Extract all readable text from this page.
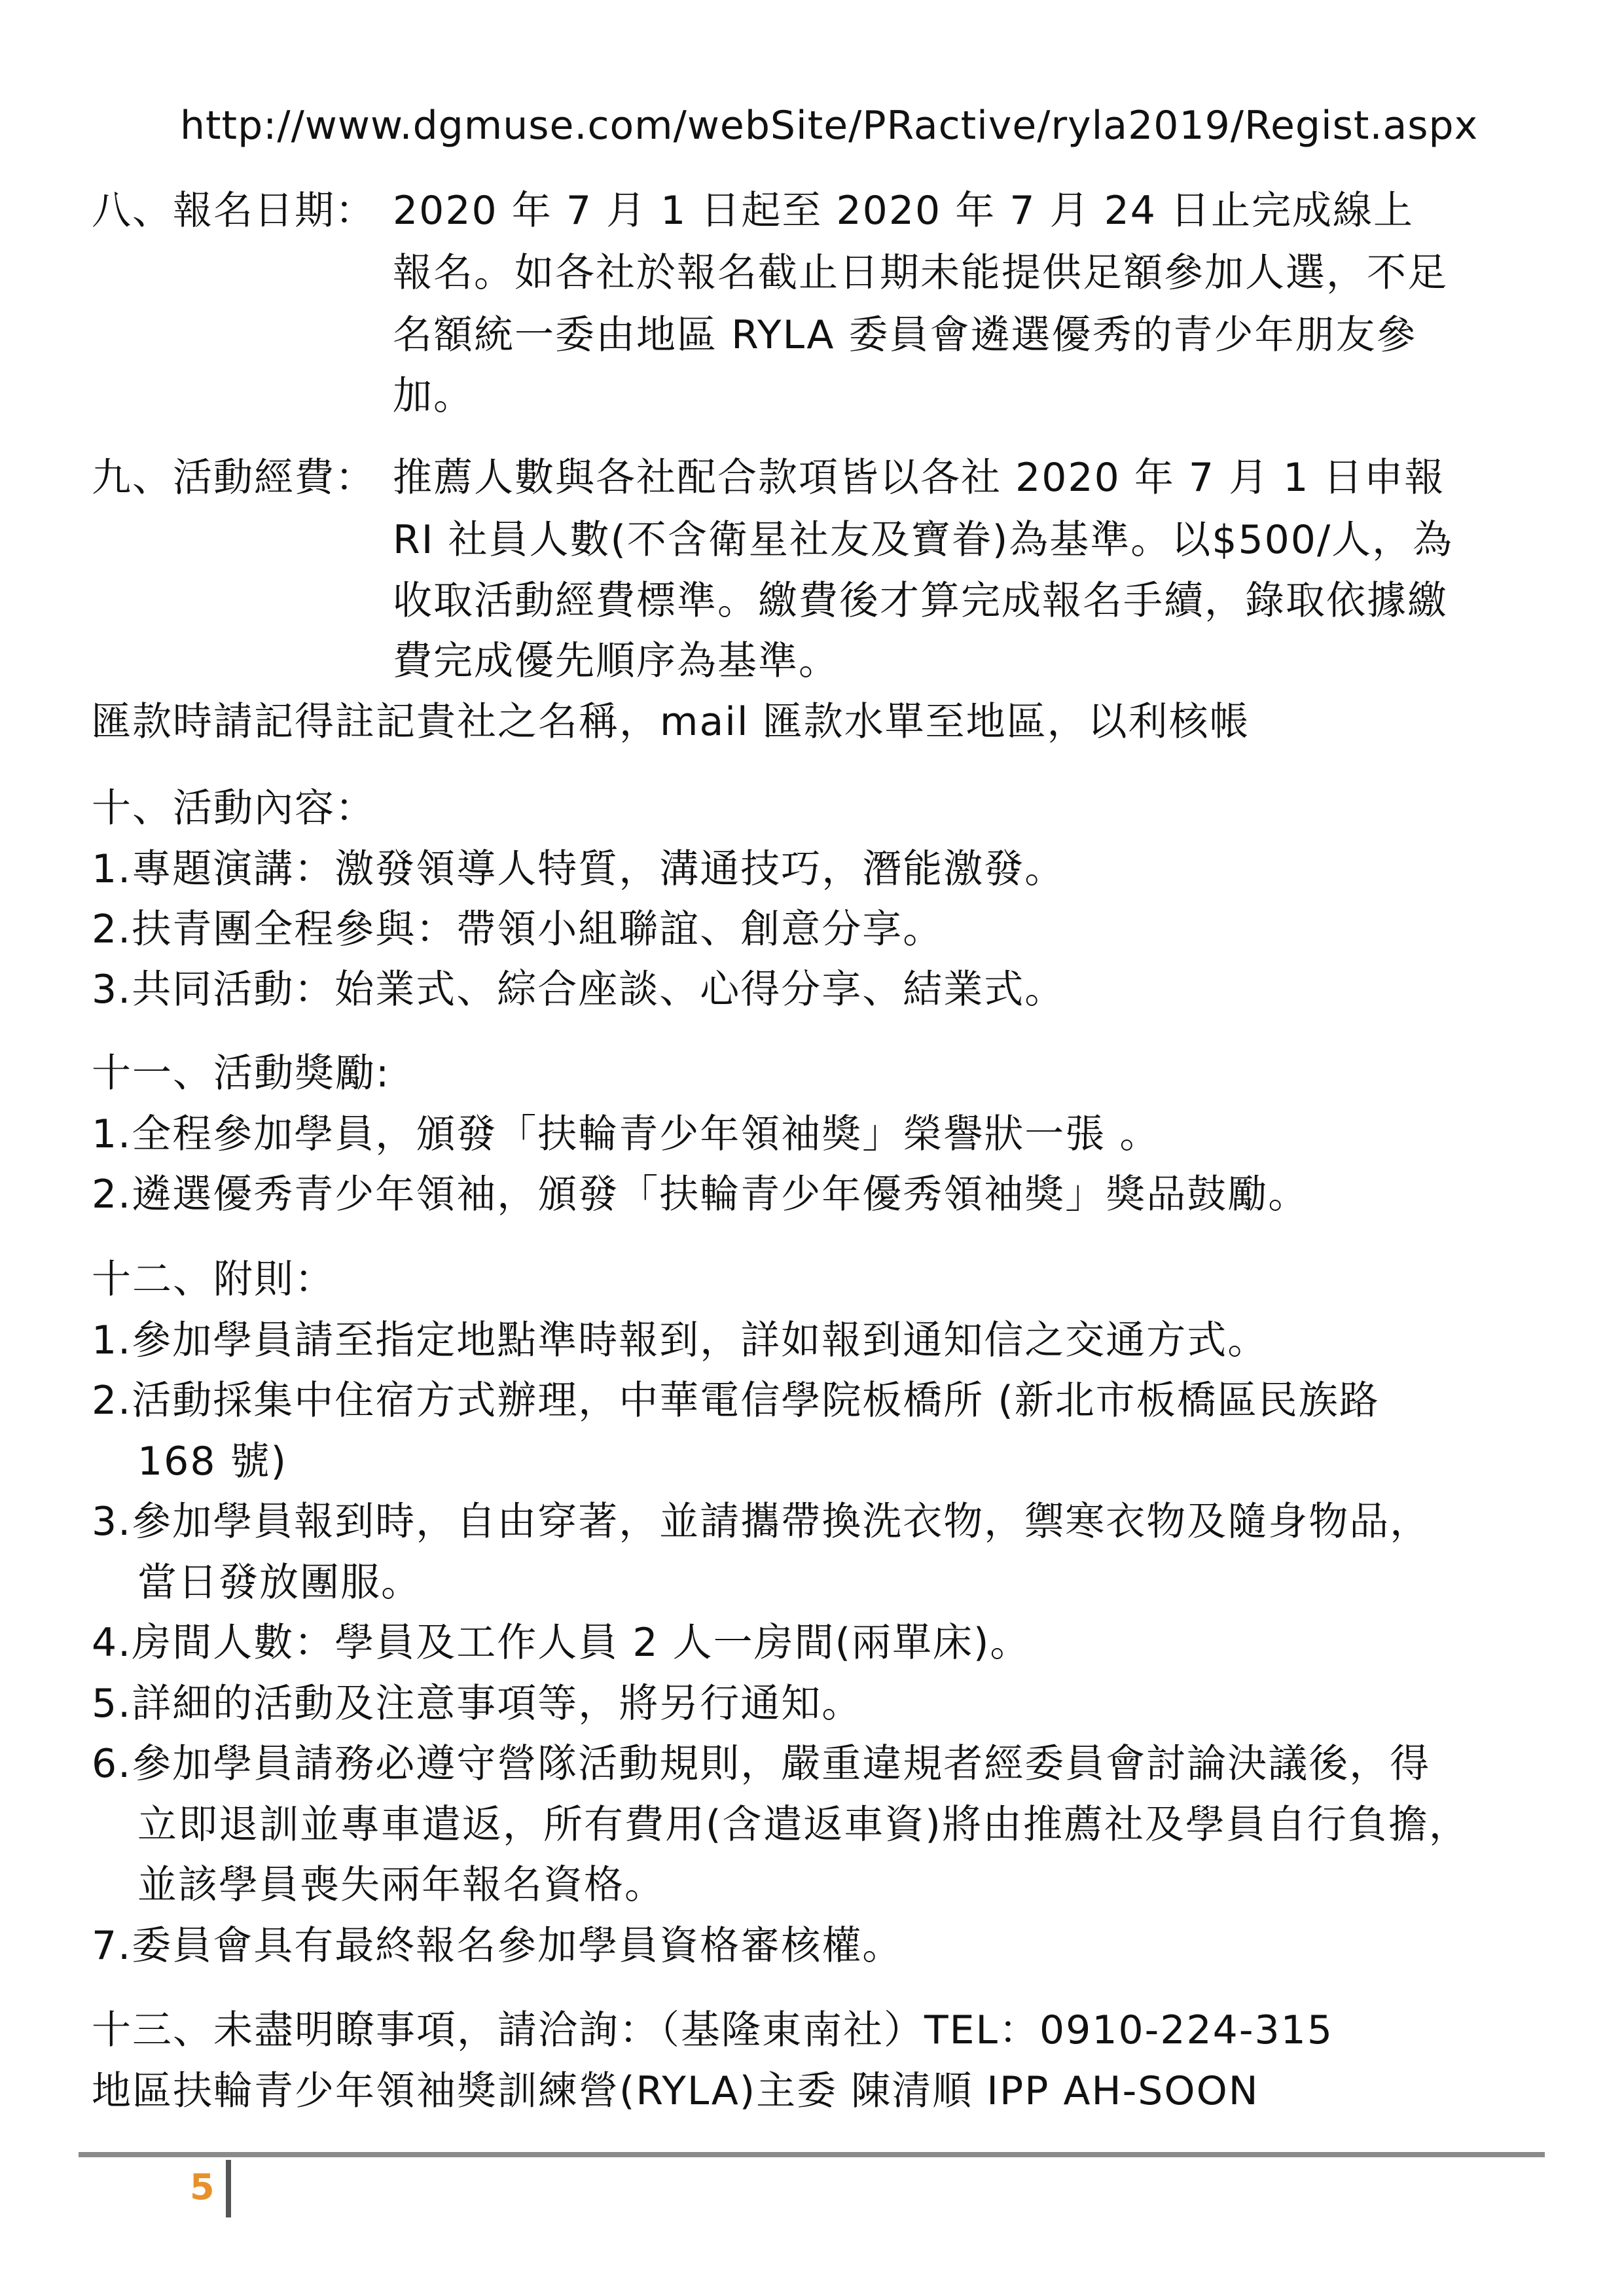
http://www.dgmuse.com/webSite/PRactive/ryla2019/Regist.aspx
八、報名日期： 2020 年 7 月 1 日起至 2020 年 7 月 24 日止完成線上
報名。如各社於報名截止日期未能提供足額參加人選，不足
名額統一委由地區 RYLA 委員會遴選優秀的青少年朋友參
加。
九、活動經費： 推薦人數與各社配合款項皆以各社 2020 年 7 月 1 日申報
RI 社員人數(不含衛星社友及寶眷)為基準。以$500/人，為
收取活動經費標準。繳費後才算完成報名手續，錄取依據繳
費完成優先順序為基準。
匯款時請記得註記貴社之名稱，mail 匯款水單至地區，以利核帳
十、活動內容：
1.專題演講：激發領導人特質，溝通技巧，潛能激發。
2.扶青團全程參與：帶領小組聯誼、創意分享。
3.共同活動：始業式、綜合座談、心得分享、結業式。
十一、活動獎勵:
1.全程參加學員，頒發「扶輪青少年領袖獎」榮譽狀一張 。
2.遴選優秀青少年領袖，頒發「扶輪青少年優秀領袖獎」獎品鼓勵。
十二、附則：
1.參加學員請至指定地點準時報到，詳如報到通知信之交通方式。
2.活動採集中住宿方式辦理，中華電信學院板橋所 (新北市板橋區民族路
168 號)
3.參加學員報到時，自由穿著，並請攜帶換洗衣物，禦寒衣物及隨身物品，
當日發放團服。
4.房間人數：學員及工作人員 2 人一房間(兩單床)。
5.詳細的活動及注意事項等，將另行通知。
6.參加學員請務必遵守營隊活動規則，嚴重違規者經委員會討論決議後，得
立即退訓並專車遣返，所有費用(含遣返車資)將由推薦社及學員自行負擔，
並該學員喪失兩年報名資格。
7.委員會具有最終報名參加學員資格審核權。
十三、未盡明瞭事項，請洽詢：（基隆東南社）TEL：0910-224-315
地區扶輪青少年領袖獎訓練營(RYLA)主委 陳清順 IPP AH-SOON
5
